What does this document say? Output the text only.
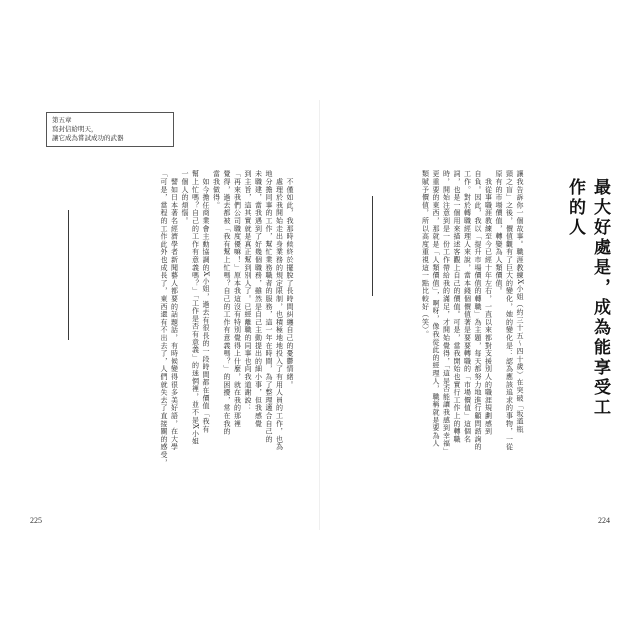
第五章
寫封信給明天，
讓它成為嘗試成功的武器
最大好處是，成為能享受工作的人
讓我告訴你一個故事。職涯教練X小姐（約三十五～四十歲）在突破「坂道瓶
頸之盲」之後，價值觀有了巨大的變化，她的變化是：認為應該追求的事物，一從
原有的市場價值，轉變為人類價值。
　我從事職涯教練至今已經十年左右，一直以來都對支援別人的職涯規劃感到
自負。因此，我以「提升市場價值的轉職」為主題，每天都努力地進行顧問諮詢的
工作。對於轉職經理人來說，當本錢個價值著是要要轉職的「市場價值」這個名
詞，也是一個用來描述客觀上自己的價值。可是，當我開始也實行工作上的轉職
時，開始注意到是一份工作帶給我的滿足，才開始覺得，「這是否能讓我感到幸福」
更重要的東西，那就是「人類價值」，啊呀，像我從此的經理人，職稱就是要為人
類賦予價值，所以高度重視這一點比較好（笑）。
　不僅如此，我那時候終於擺脫了長時間糾纏自己的憂鬱情緒。
　處理於我開始走出身業務的規定限制，也積極地地投入了有用人員的工作，也為
地分擔同事的工作，幫忙業務職者的服務，這一年在時間，為了整理適合自己的
未職建，當我遇到了好幾個職務，雖然是自己主動提出的細小事，但我感覺
到主旨，這其實就是真正幫到別人了。已經離職的同事也向我道謝說：
「再來我們公司職度優嘛！」原本我這沒有特別覺得上什麼，就在我的那裡
覺得，過去都被「我有幫上忙嗎？自己的工作有意義嗎？」的困擾，常在我的
當我做得。
　如今擔任商業會主動協調的X小姐，過去有很長的一段時間都在價值「我有
幫上忙嗎？自己的工作有意義嗎？」「工作是否有意義」的迷惘裡，並不是X小姐
一個人的煩惱。
　譬如日本著名經濟學者新聞藝人都要的話題話，有時候變得很多美好語，在大學
「可是，當程的工作此外也成長了，東西還有不出去了，人們就失去了直接關的感受，
225	224
